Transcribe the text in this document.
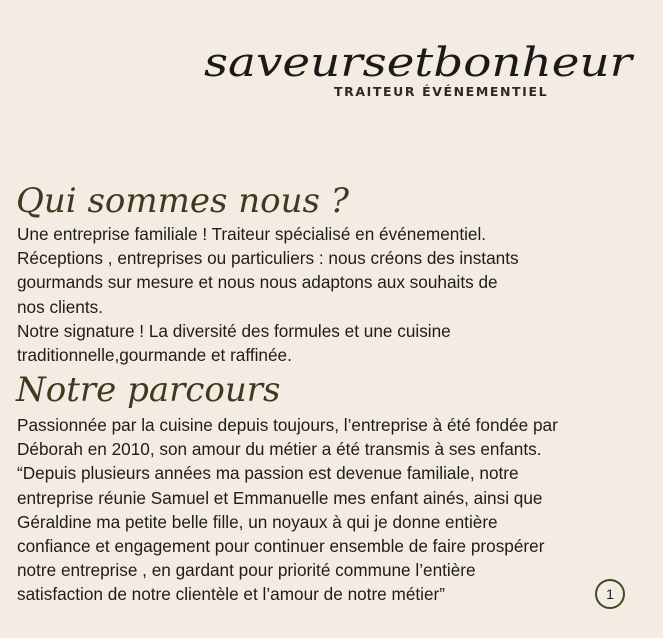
saveursetbonheur
TRAITEUR ÉVÉNEMENTIEL
Qui sommes nous ?

Une entreprise familiale ! Traiteur spécialisé en événementiel.
Réceptions , entreprises ou particuliers : nous créons des instants
gourmands sur mesure et nous nous adaptons aux souhaits de
nos clients.
Notre signature ! La diversité des formules et une cuisine
traditionnelle,gourmande et raffinée.

Notre parcours

Passionnée par la cuisine depuis toujours, l’entreprise à été fondée par
Déborah en 2010, son amour du métier a été transmis à ses enfants.
“Depuis plusieurs années ma passion est devenue familiale, notre
entreprise réunie Samuel et Emmanuelle mes enfant ainés, ainsi que
Géraldine ma petite belle fille, un noyaux à qui je donne entière
confiance et engagement pour continuer ensemble de faire prospérer
notre entreprise , en gardant pour priorité commune l’entière
satisfaction de notre clientèle et l’amour de notre métier”	1
